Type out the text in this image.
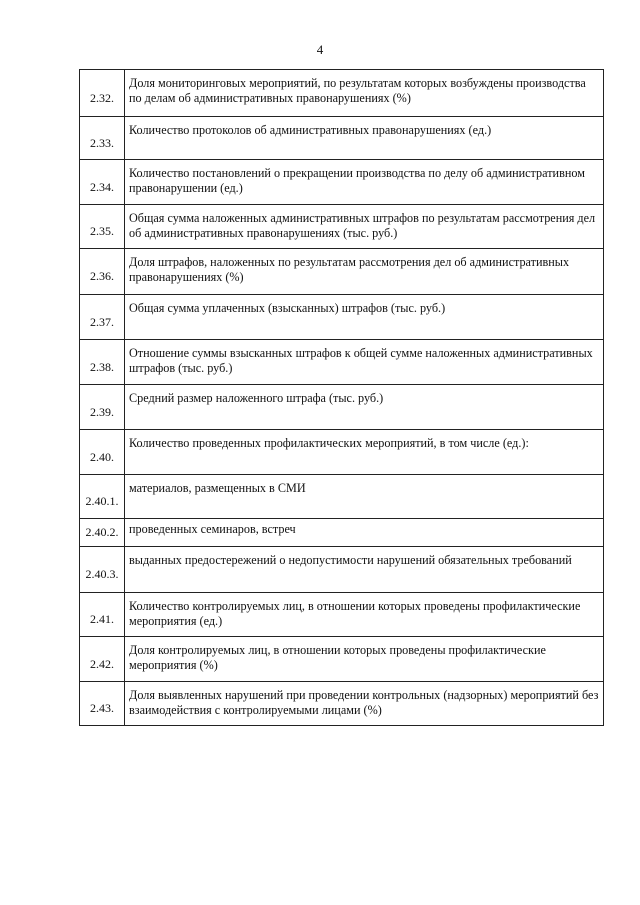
4
2.32.	Доля мониторинговых мероприятий, по результатам которых возбуждены производства по делам об административных правонарушениях (%)
2.33.	Количество протоколов об административных правонарушениях (ед.)
2.34.	Количество постановлений о прекращении производства по делу об административном правонарушении (ед.)
2.35.	Общая сумма наложенных административных штрафов по результатам рассмотрения дел об административных правонарушениях (тыс. руб.)
2.36.	Доля штрафов, наложенных по результатам рассмотрения дел об административных правонарушениях (%)
2.37.	Общая сумма уплаченных (взысканных) штрафов (тыс. руб.)
2.38.	Отношение суммы взысканных штрафов к общей сумме наложенных административных штрафов (тыс. руб.)
2.39.	Средний размер наложенного штрафа (тыс. руб.)
2.40.	Количество проведенных профилактических мероприятий, в том числе (ед.):
2.40.1.	материалов, размещенных в СМИ
2.40.2.	проведенных семинаров, встреч
2.40.3.	выданных предостережений о недопустимости нарушений обязательных требований
2.41.	Количество контролируемых лиц, в отношении которых проведены профилактические мероприятия (ед.)
2.42.	Доля контролируемых лиц, в отношении которых проведены профилактические мероприятия (%)
2.43.	Доля выявленных нарушений при проведении контрольных (надзорных) мероприятий без взаимодействия с контролируемыми лицами (%)
